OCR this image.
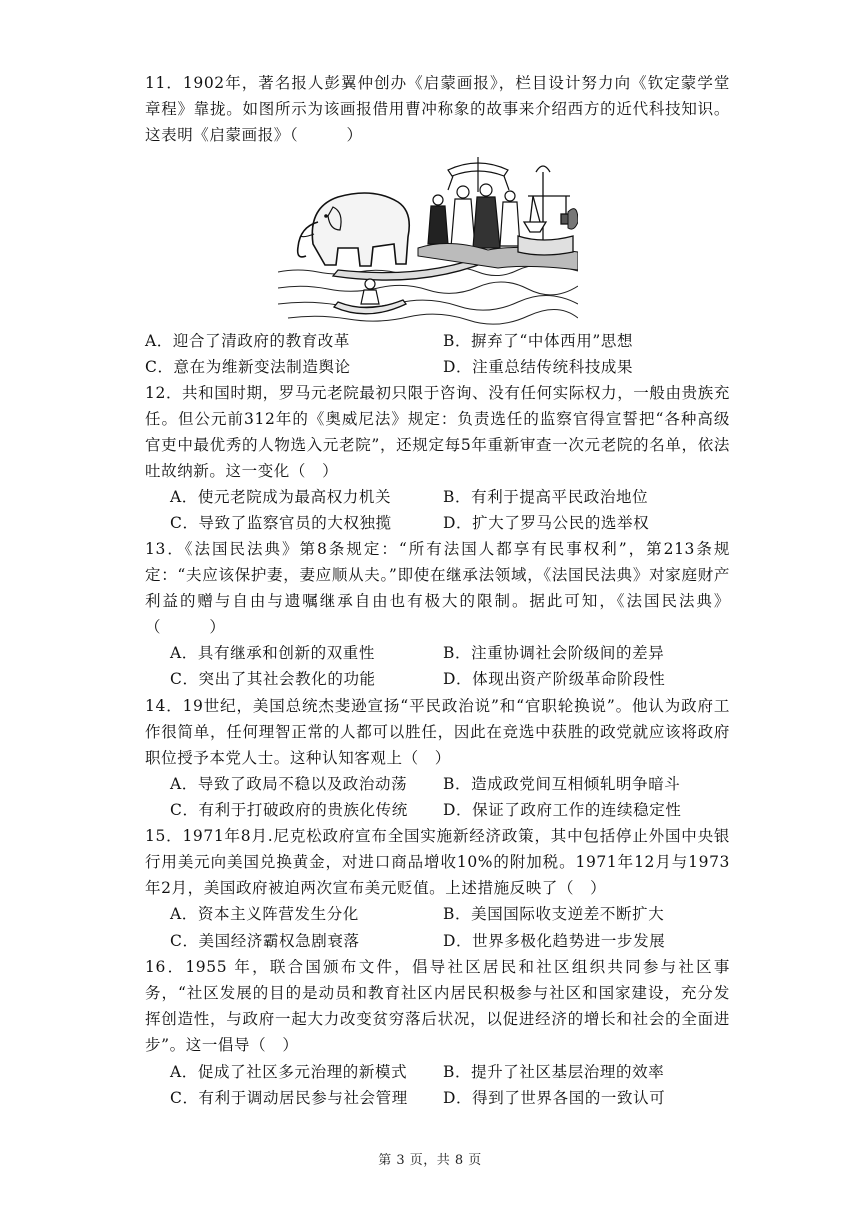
11．1902年，著名报人彭翼仲创办《启蒙画报》，栏目设计努力向《钦定蒙学堂章程》靠拢。如图所示为该画报借用曹冲称象的故事来介绍西方的近代科技知识。这表明《启蒙画报》（　　　）

A．迎合了清政府的教育改革	B．摒弃了“中体西用”思想
C．意在为维新变法制造舆论	D．注重总结传统科技成果

12．共和国时期，罗马元老院最初只限于咨询、没有任何实际权力，一般由贵族充任。但公元前312年的《奥威尼法》规定：负责选任的监察官得宣誓把“各种高级官吏中最优秀的人物选入元老院”，还规定每5年重新审查一次元老院的名单，依法吐故纳新。这一变化（　）

A．使元老院成为最高权力机关	B．有利于提高平民政治地位
C．导致了监察官员的大权独揽	D．扩大了罗马公民的选举权

13．《法国民法典》第8条规定：“所有法国人都享有民事权利”，第213条规定：“夫应该保护妻，妻应顺从夫。”即使在继承法领域，《法国民法典》对家庭财产利益的赠与自由与遗嘱继承自由也有极大的限制。据此可知，《法国民法典》（　　　）

A．具有继承和创新的双重性	B．注重协调社会阶级间的差异
C．突出了其社会教化的功能	D．体现出资产阶级革命阶段性

14．19世纪，美国总统杰斐逊宣扬“平民政治说”和“官职轮换说”。他认为政府工作很简单，任何理智正常的人都可以胜任，因此在竞选中获胜的政党就应该将政府职位授予本党人士。这种认知客观上（　）

A．导致了政局不稳以及政治动荡 B．造成政党间互相倾轧明争暗斗
C．有利于打破政府的贵族化传统 D．保证了政府工作的连续稳定性

15．1971年8月.尼克松政府宣布全国实施新经济政策，其中包括停止外国中央银行用美元向美国兑换黄金，对进口商品增收10%的附加税。1971年12月与1973年2月，美国政府被迫两次宣布美元贬值。上述措施反映了（　）

A．资本主义阵营发生分化	B．美国国际收支逆差不断扩大
C．美国经济霸权急剧衰落	D．世界多极化趋势进一步发展

16．1955 年，联合国颁布文件，倡导社区居民和社区组织共同参与社区事务，“社区发展的目的是动员和教育社区内居民积极参与社区和国家建设，充分发挥创造性，与政府一起大力改变贫穷落后状况，以促进经济的增长和社会的全面进步”。这一倡导（　）

A．促成了社区多元治理的新模式 B．提升了社区基层治理的效率
C．有利于调动居民参与社会管理 D．得到了世界各国的一致认可
第 3 页，共 8 页
